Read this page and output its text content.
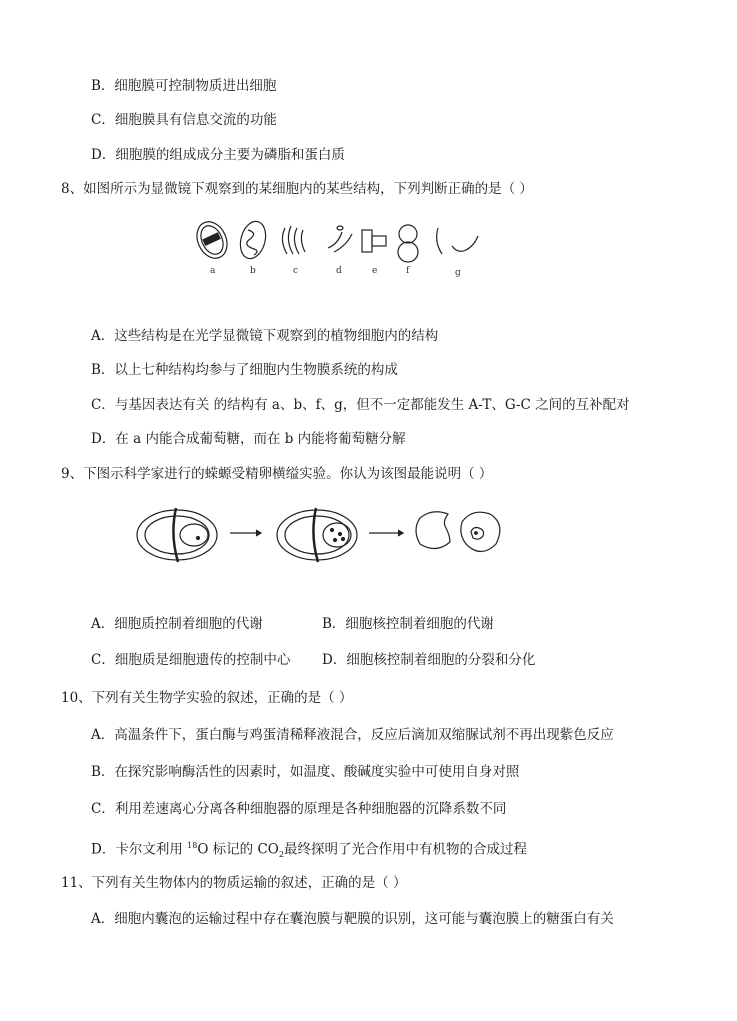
B．细胞膜可控制物质进出细胞
C．细胞膜具有信息交流的功能
D．细胞膜的组成成分主要为磷脂和蛋白质
8、如图所示为显微镜下观察到的某细胞内的某些结构，下列判断正确的是（ ）
a	b	c	d	e	f	g
A．这些结构是在光学显微镜下观察到的植物细胞内的结构
B．以上七种结构均参与了细胞内生物膜系统的构成
C．与基因表达有关 的结构有 a、b、f、g，但不一定都能发生 A-T、G-C 之间的互补配对
D．在 a 内能合成葡萄糖，而在 b 内能将葡萄糖分解
9、下图示科学家进行的蝾螈受精卵横缢实验。你认为该图最能说明（ ）
A．细胞质控制着细胞的代谢	B．细胞核控制着细胞的代谢
C．细胞质是细胞遗传的控制中心 D．细胞核控制着细胞的分裂和分化
10、下列有关生物学实验的叙述，正确的是（ ）
A．高温条件下，蛋白酶与鸡蛋清稀释液混合，反应后滴加双缩脲试剂不再出现紫色反应
B．在探究影响酶活性的因素时，如温度、酸碱度实验中可使用自身对照
C．利用差速离心分离各种细胞器的原理是各种细胞器的沉降系数不同
D．卡尔文利用 $^{18}$O 标记的 $CO_2$最终探明了光合作用中有机物的合成过程
11、下列有关生物体内的物质运输的叙述，正确的是（ ）
A．细胞内囊泡的运输过程中存在囊泡膜与靶膜的识别，这可能与囊泡膜上的糖蛋白有关
